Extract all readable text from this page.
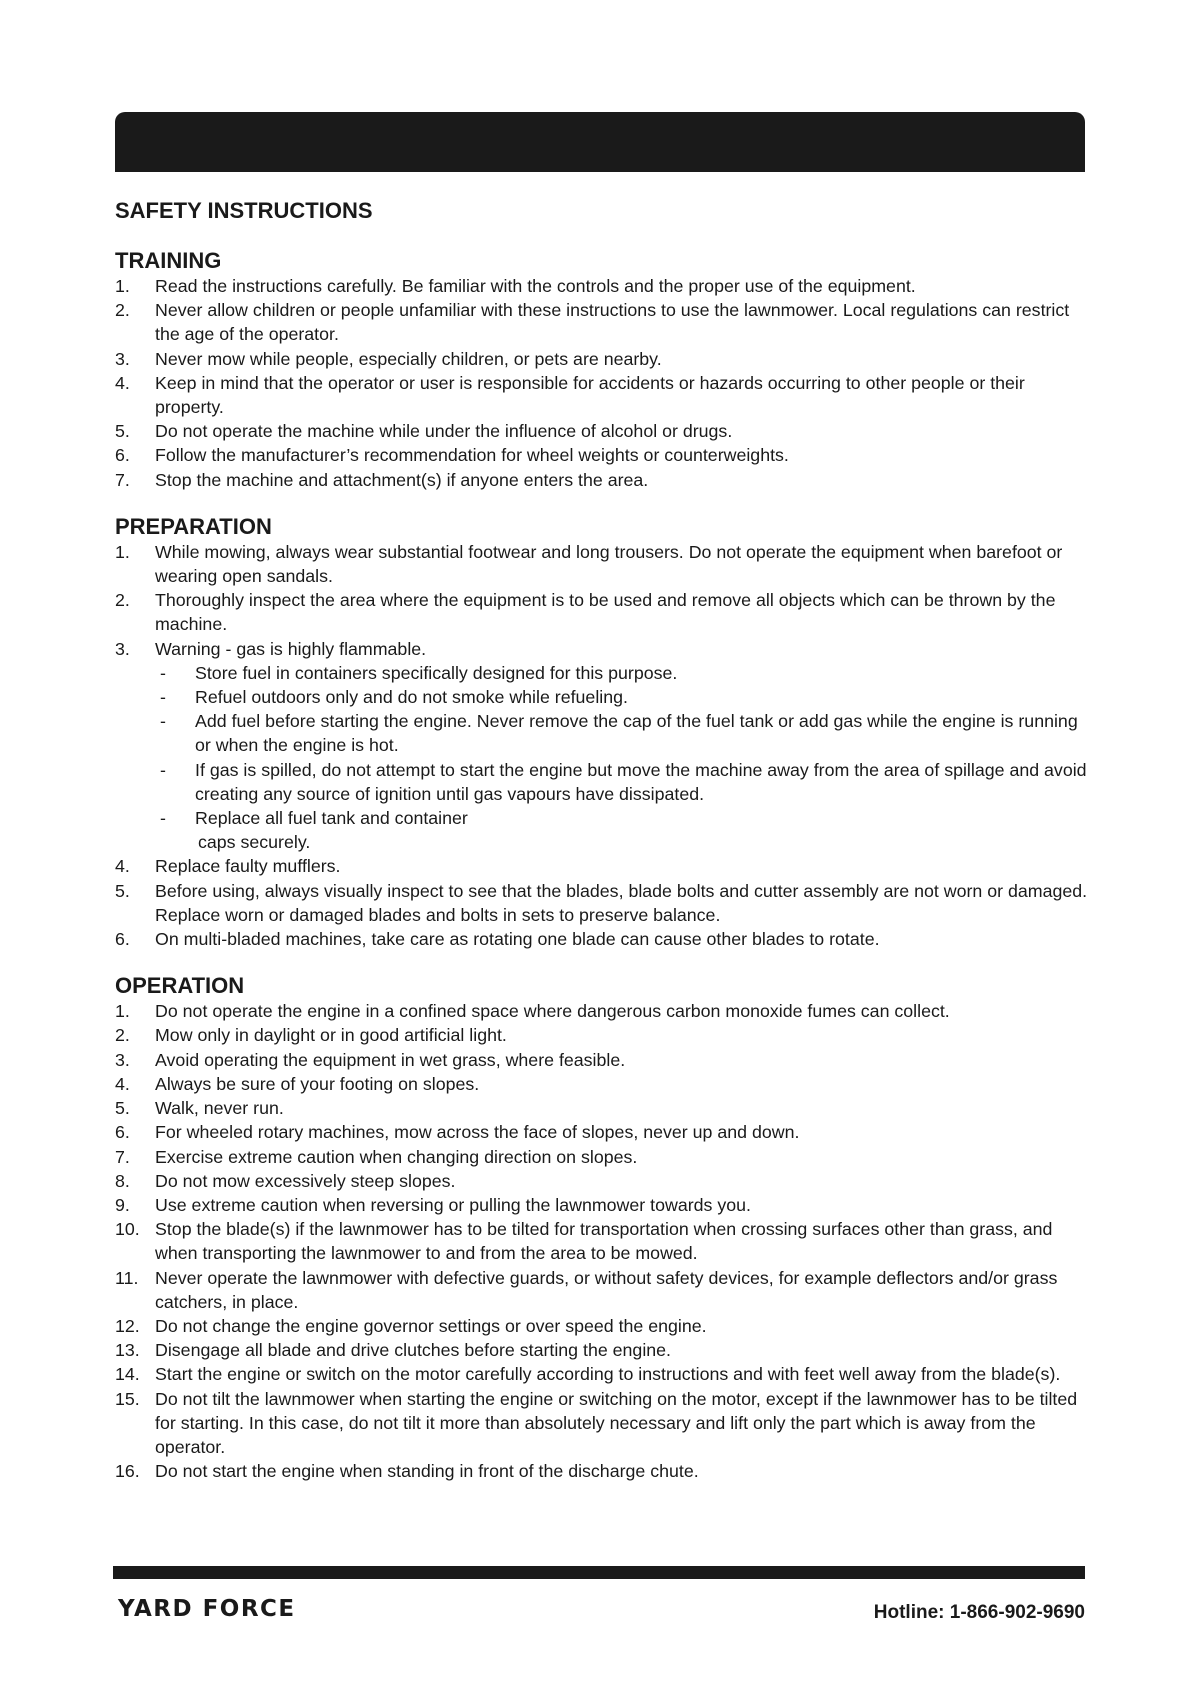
SAFETY INSTRUCTIONS
TRAINING
1. Read the instructions carefully. Be familiar with the controls and the proper use of the equipment.
2. Never allow children or people unfamiliar with these instructions to use the lawnmower. Local regulations can restrict the age of the operator.
3. Never mow while people, especially children, or pets are nearby.
4. Keep in mind that the operator or user is responsible for accidents or hazards occurring to other people or their property.
5. Do not operate the machine while under the influence of alcohol or drugs.
6. Follow the manufacturer’s recommendation for wheel weights or counterweights.
7. Stop the machine and attachment(s) if anyone enters the area.
PREPARATION
1. While mowing, always wear substantial footwear and long trousers. Do not operate the equipment when barefoot or wearing open sandals.
2. Thoroughly inspect the area where the equipment is to be used and remove all objects which can be thrown by the machine.
3. Warning - gas is highly flammable.
- Store fuel in containers specifically designed for this purpose.
- Refuel outdoors only and do not smoke while refueling.
- Add fuel before starting the engine. Never remove the cap of the fuel tank or add gas while the engine is running or when the engine is hot.
- If gas is spilled, do not attempt to start the engine but move the machine away from the area of spillage and avoid creating any source of ignition until gas vapours have dissipated.
- Replace all fuel tank and container
caps securely.
4. Replace faulty mufflers.
5. Before using, always visually inspect to see that the blades, blade bolts and cutter assembly are not worn or damaged. Replace worn or damaged blades and bolts in sets to preserve balance.
6. On multi-bladed machines, take care as rotating one blade can cause other blades to rotate.
OPERATION
1. Do not operate the engine in a confined space where dangerous carbon monoxide fumes can collect.
2. Mow only in daylight or in good artificial light.
3. Avoid operating the equipment in wet grass, where feasible.
4. Always be sure of your footing on slopes.
5. Walk, never run.
6. For wheeled rotary machines, mow across the face of slopes, never up and down.
7. Exercise extreme caution when changing direction on slopes.
8. Do not mow excessively steep slopes.
9. Use extreme caution when reversing or pulling the lawnmower towards you.
10. Stop the blade(s) if the lawnmower has to be tilted for transportation when crossing surfaces other than grass, and when transporting the lawnmower to and from the area to be mowed.
11. Never operate the lawnmower with defective guards, or without safety devices, for example deflectors and/or grass catchers, in place.
12. Do not change the engine governor settings or over speed the engine.
13. Disengage all blade and drive clutches before starting the engine.
14. Start the engine or switch on the motor carefully according to instructions and with feet well away from the blade(s).
15. Do not tilt the lawnmower when starting the engine or switching on the motor, except if the lawnmower has to be tilted for starting. In this case, do not tilt it more than absolutely necessary and lift only the part which is away from the operator.
16. Do not start the engine when standing in front of the discharge chute.
YARD FORCE	Hotline: 1-866-902-9690
